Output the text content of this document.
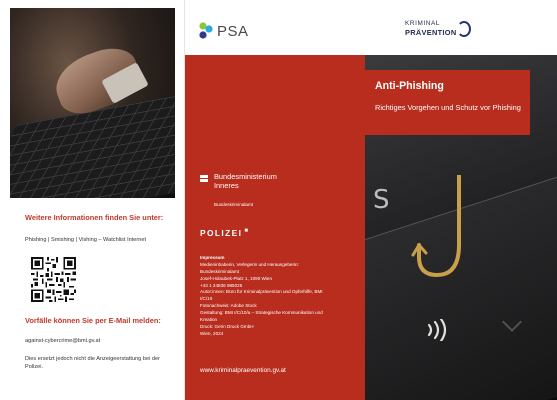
Weitere Informationen finden Sie unter:
Phishing | Smishing | Vishing – Watchlist Internet
Vorfälle können Sie per E-Mail melden:
against-cybercrime@bmi.gv.at
Dies ersetzt jedoch nicht die Anzeigeerstattung bei der Polizei.
PSA	KRIMINAL
PRÄVENTION
Bundesministerium
Inneres
Bundeskriminalamt
POLIZEI ■
Impressum
Medieninhaberin, Verlegerin und Herausgeberin:
Bundeskriminalamt
Josef-Holaubek-Platz 1, 1090 Wien
+43 1 24836 985025
Autor:innen: Büro für Kriminalprävention und Opferhilfe, BMI
I/C/10
Fotonachweis: Adobe Stock
Gestaltung: BMI I/C/10/a – Strategische Kommunikation und
Kreation
Druck: Gerin Druck GmbH
Wien, 2024
www.kriminalpraevention.gv.at
S
Anti-Phishing
Richtiges Vorgehen und Schutz vor Phishing
